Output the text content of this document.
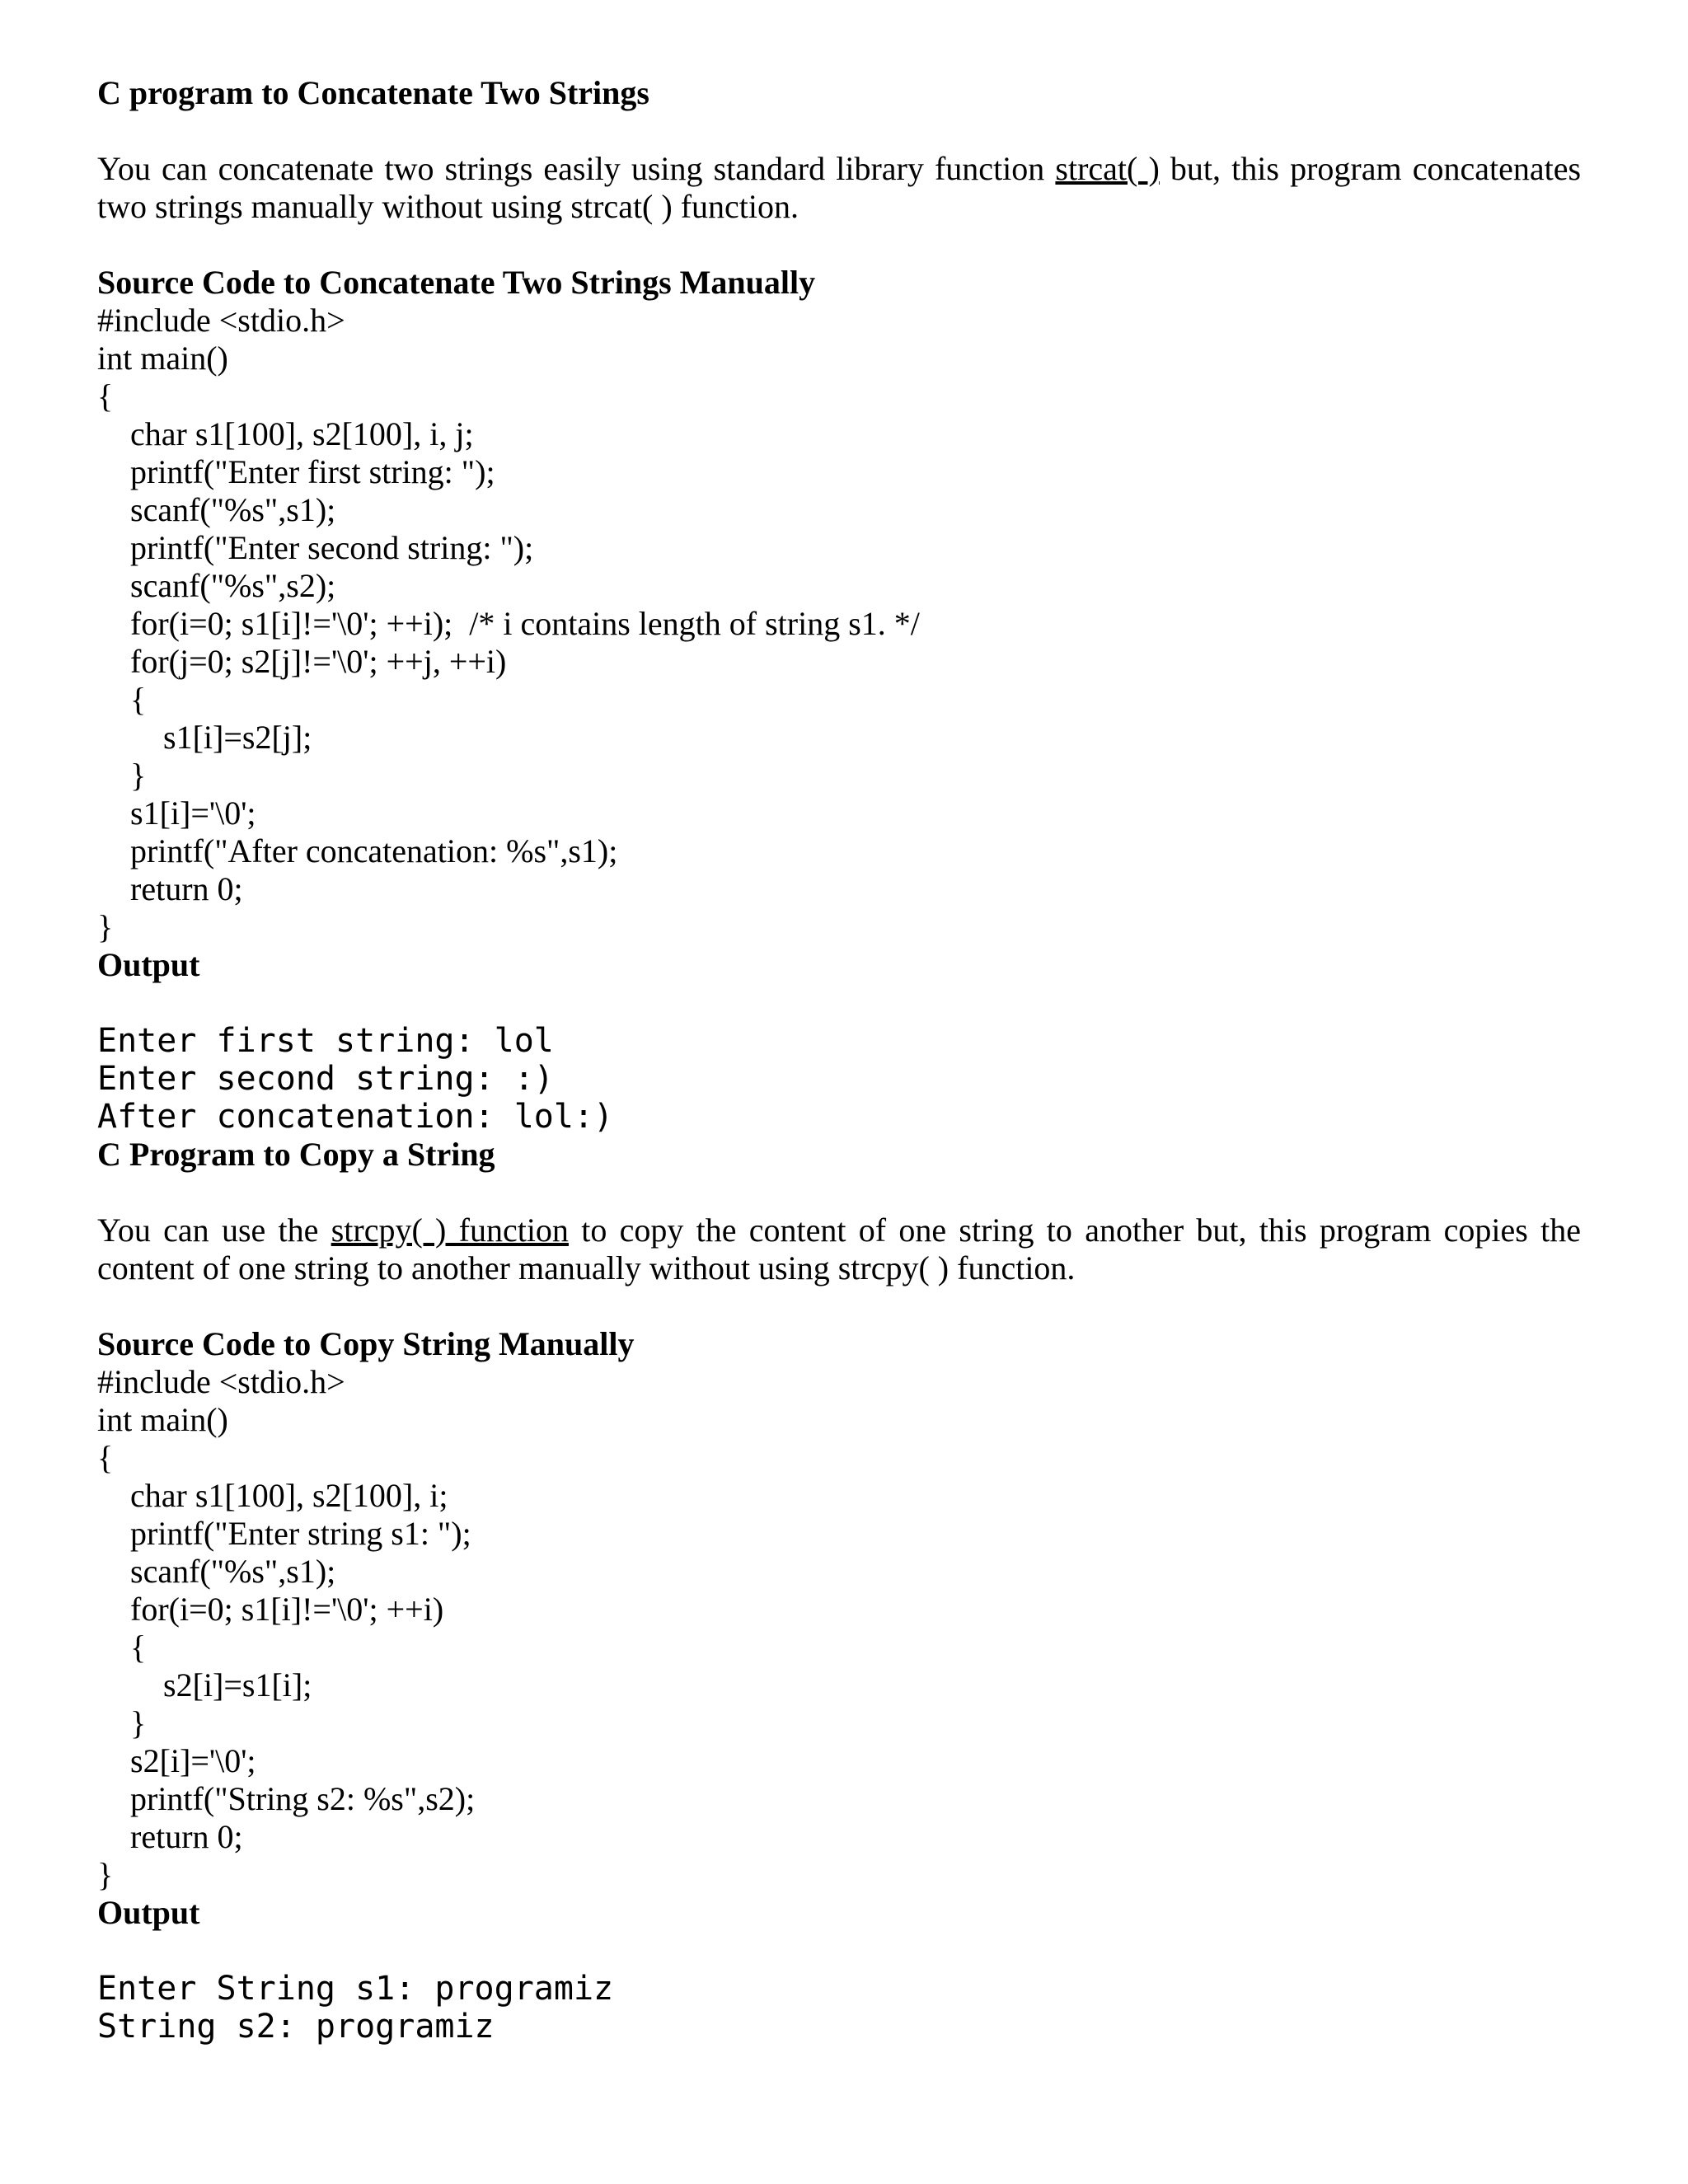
C program to Concatenate Two Strings

You can concatenate two strings easily using standard library function strcat( ) but, this program concatenates two strings manually without using strcat( ) function.

Source Code to Concatenate Two Strings Manually

#include <stdio.h>
int main()
{
char s1[100], s2[100], i, j;
printf("Enter first string: ");
scanf("%s",s1);
printf("Enter second string: ");
scanf("%s",s2);
for(i=0; s1[i]!='\0'; ++i);  /* i contains length of string s1. */
for(j=0; s2[j]!='\0'; ++j, ++i)
{
s1[i]=s2[j];
}
s1[i]='\0';
printf("After concatenation: %s",s1);
return 0;
}

Output

Enter first string: lol
Enter second string: :)
After concatenation: lol:)

C Program to Copy a String

You can use the strcpy( ) function to copy the content of one string to another but, this program copies the content of one string to another manually without using strcpy( ) function.

Source Code to Copy String Manually

#include <stdio.h>
int main()
{
char s1[100], s2[100], i;
printf("Enter string s1: ");
scanf("%s",s1);
for(i=0; s1[i]!='\0'; ++i)
{
s2[i]=s1[i];
}
s2[i]='\0';
printf("String s2: %s",s2);
return 0;
}

Output

Enter String s1: programiz
String s2: programiz
